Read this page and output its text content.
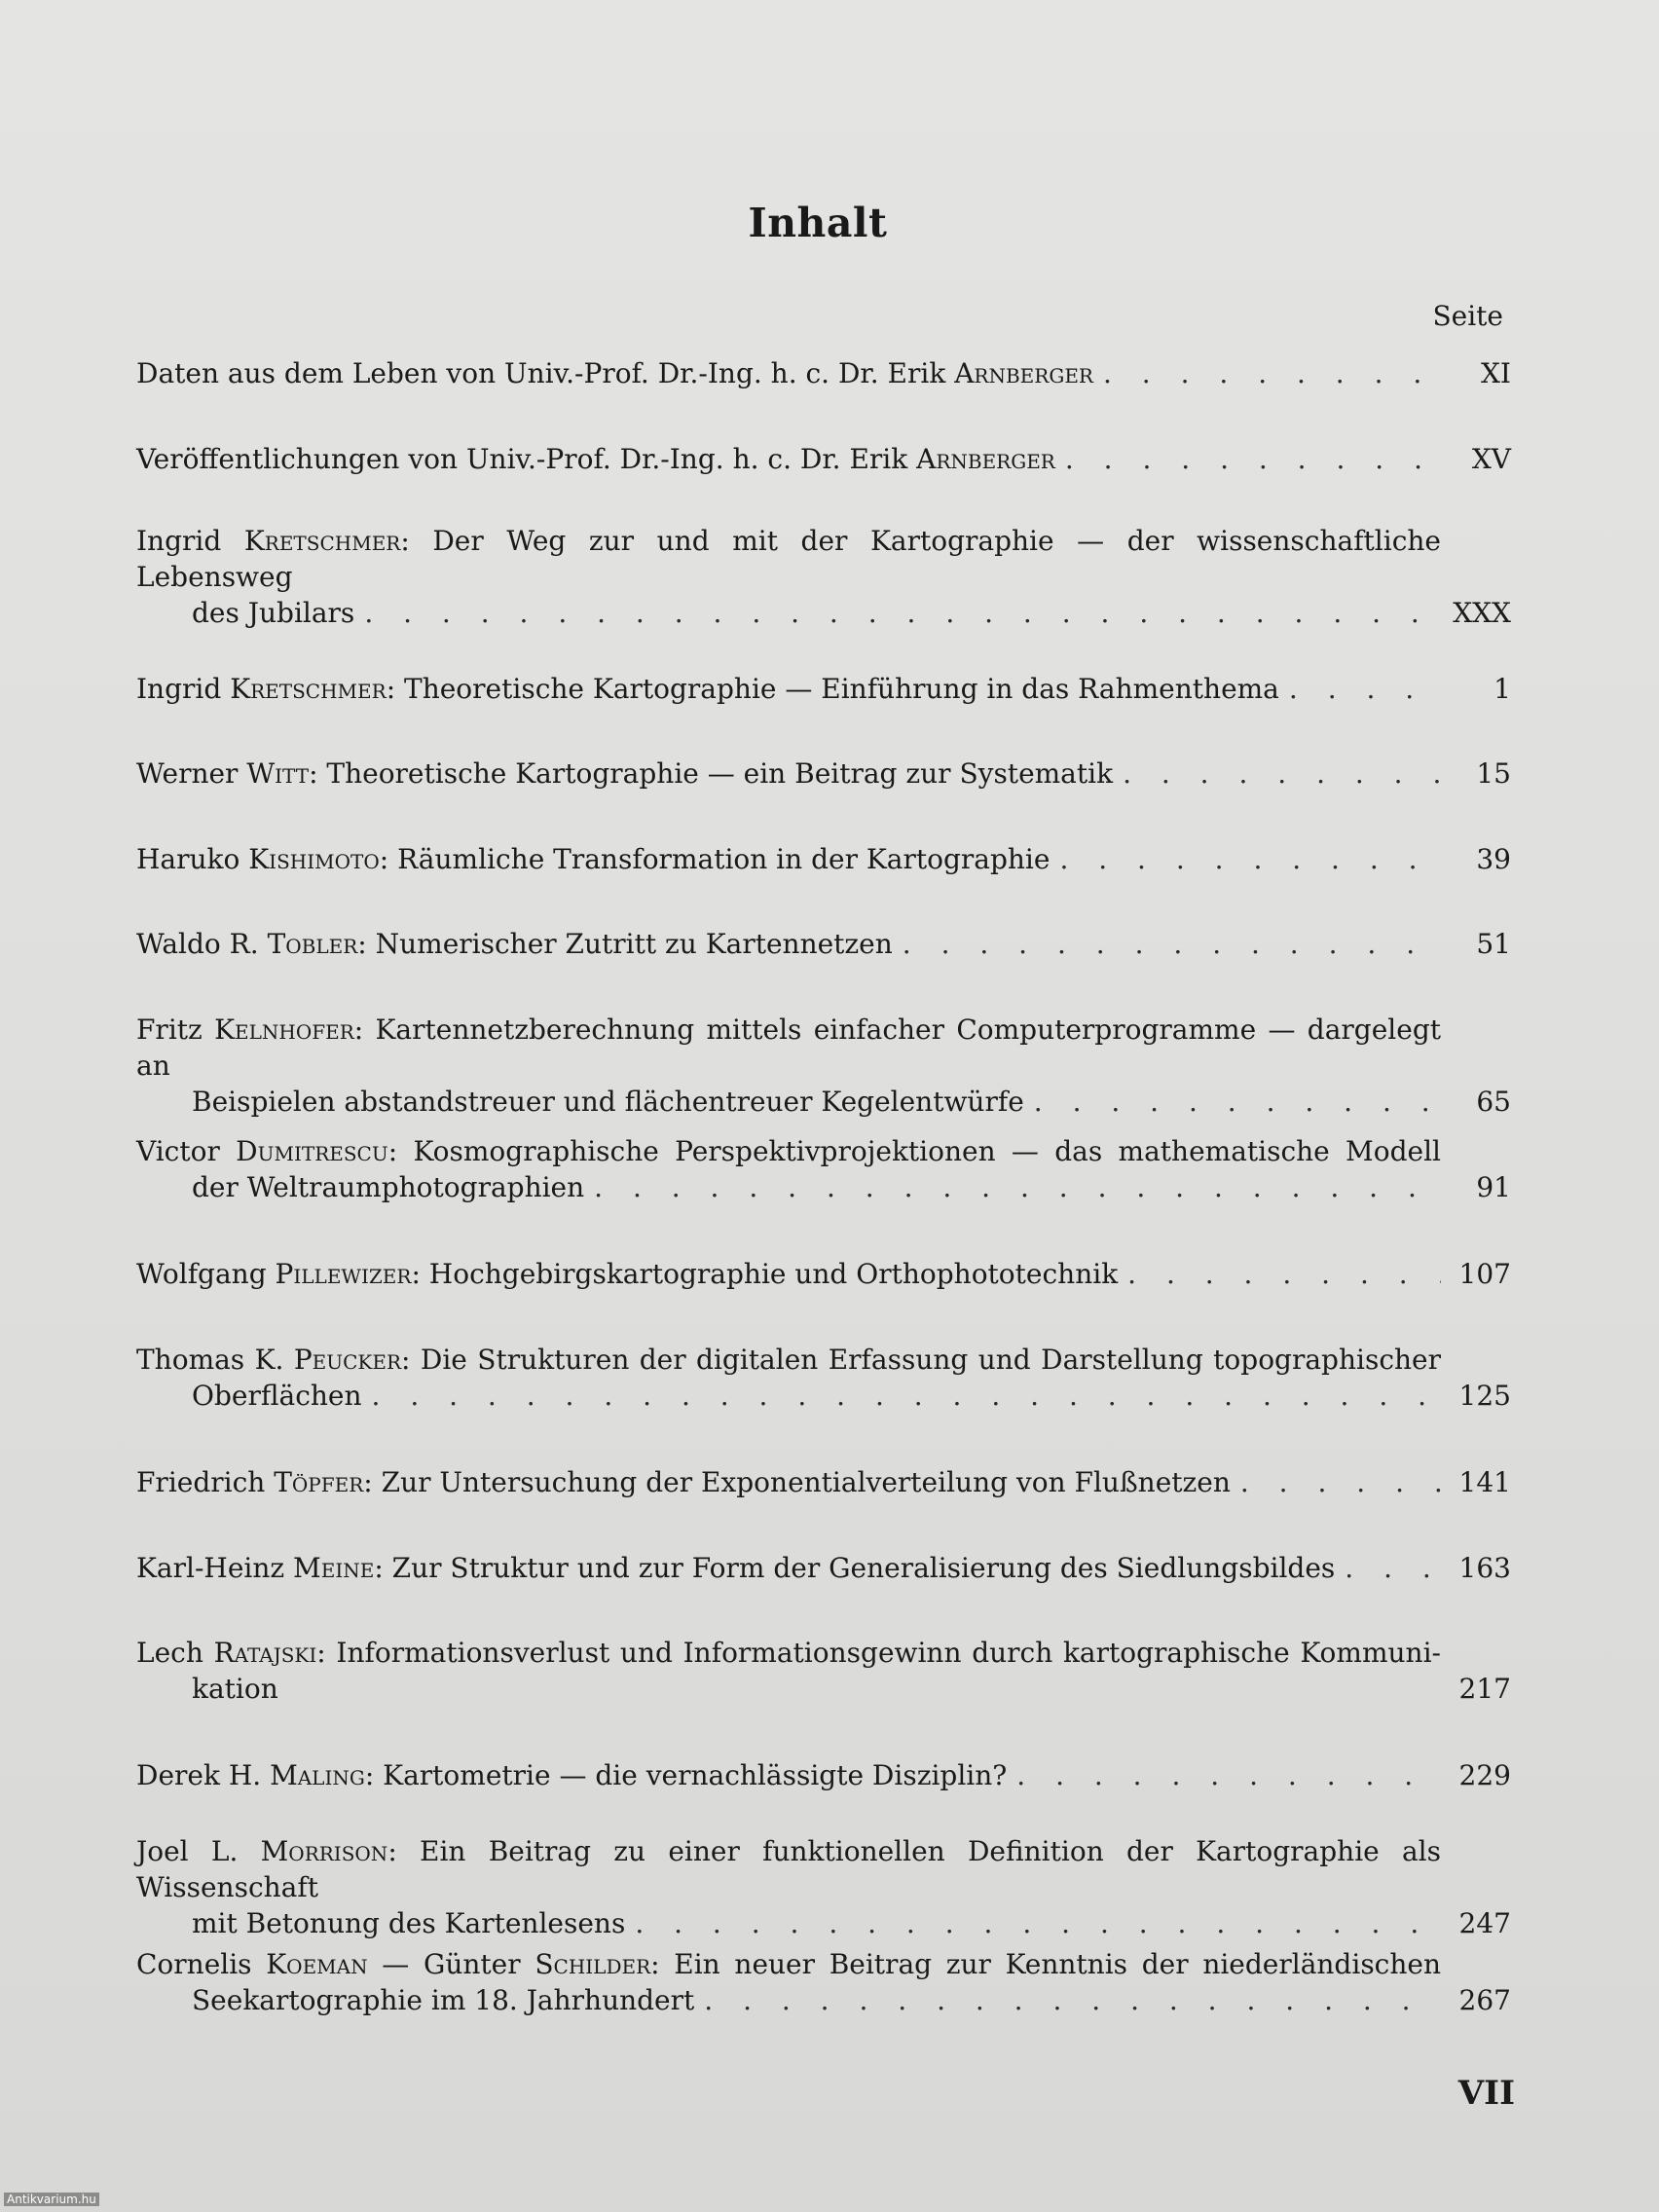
Inhalt
Seite
Daten aus dem Leben von Univ.-Prof. Dr.-Ing. h. c. Dr. Erik Arnberger . . .	XI
Veröffentlichungen von Univ.-Prof. Dr.-Ing. h. c. Dr. Erik Arnberger . . .	XV
Ingrid Kretschmer: Der Weg zur und mit der Kartographie — der wissenschaftliche Lebensweg
des Jubilars . . .	XXX
Ingrid Kretschmer: Theoretische Kartographie — Einführung in das Rahmenthema . . .	1
Werner Witt: Theoretische Kartographie — ein Beitrag zur Systematik . . .	15
Haruko Kishimoto: Räumliche Transformation in der Kartographie . . .	39
Waldo R. Tobler: Numerischer Zutritt zu Kartennetzen . . .	51
Fritz Kelnhofer: Kartennetzberechnung mittels einfacher Computerprogramme — dargelegt an
Beispielen abstandstreuer und flächentreuer Kegelentwürfe . . .	65
Victor Dumitrescu: Kosmographische Perspektivprojektionen — das mathematische Modell
der Weltraumphotographien . . .	91
Wolfgang Pillewizer: Hochgebirgskartographie und Orthophototechnik . . .	107
Thomas K. Peucker: Die Strukturen der digitalen Erfassung und Darstellung topographischer
Oberflächen . . .	125
Friedrich Töpfer: Zur Untersuchung der Exponentialverteilung von Flußnetzen . . .	141
Karl-Heinz Meine: Zur Struktur und zur Form der Generalisierung des Siedlungsbildes . . .	163
Lech Ratajski: Informationsverlust und Informationsgewinn durch kartographische Kommuni-
kation	217
Derek H. Maling: Kartometrie — die vernachlässigte Disziplin? . . .	229
Joel L. Morrison: Ein Beitrag zu einer funktionellen Definition der Kartographie als Wissenschaft
mit Betonung des Kartenlesens . . .	247
Cornelis Koeman — Günter Schilder: Ein neuer Beitrag zur Kenntnis der niederländischen
Seekartographie im 18. Jahrhundert . . .	267
VII
Antikvarium.hu
